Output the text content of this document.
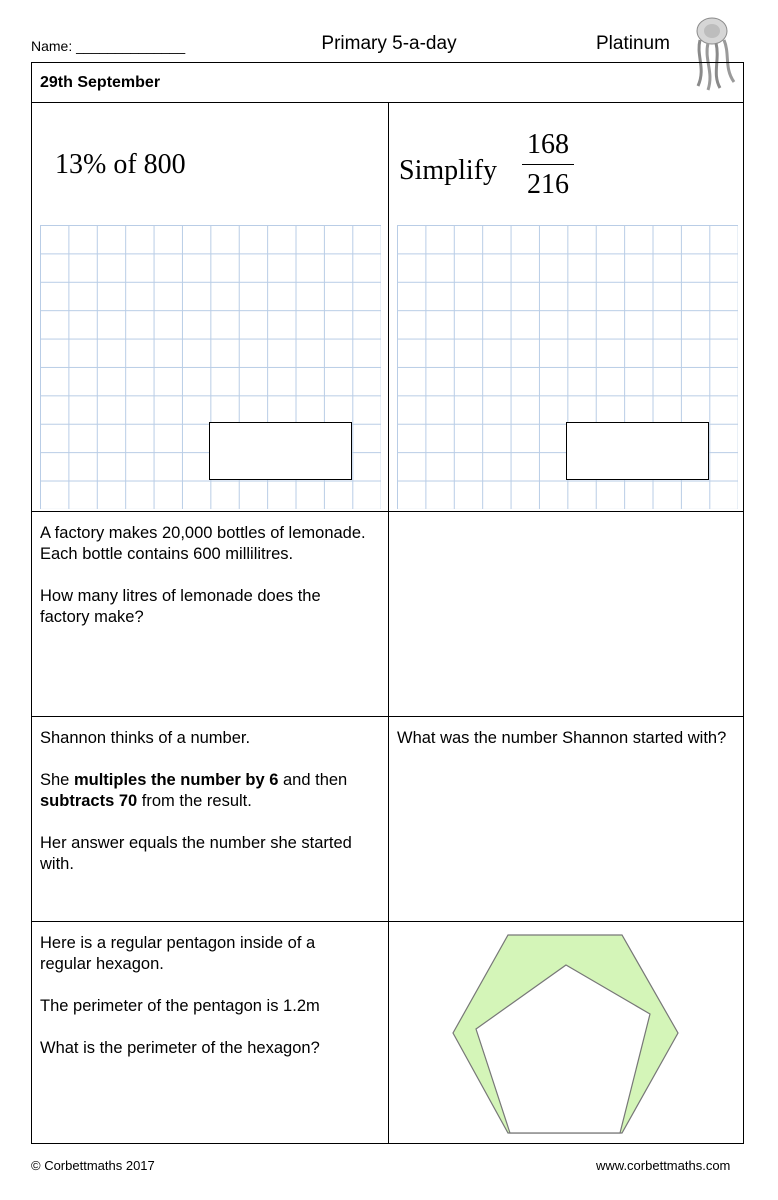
Name: ______________	Primary 5-a-day	Platinum
29th September
13% of 800	Simplify
168
216

A factory makes 20,000 bottles of lemonade.

Each bottle contains 600 millilitres.

How many litres of lemonade does the factory make?

Shannon thinks of a number.

She multiples the number by 6 and then subtracts 70 from the result.

Her answer equals the number she started with.

What was the number Shannon started with?

Here is a regular pentagon inside of a regular hexagon.

The perimeter of the pentagon is 1.2m

What is the perimeter of the hexagon?

© Corbettmaths 2017	www.corbettmaths.com
